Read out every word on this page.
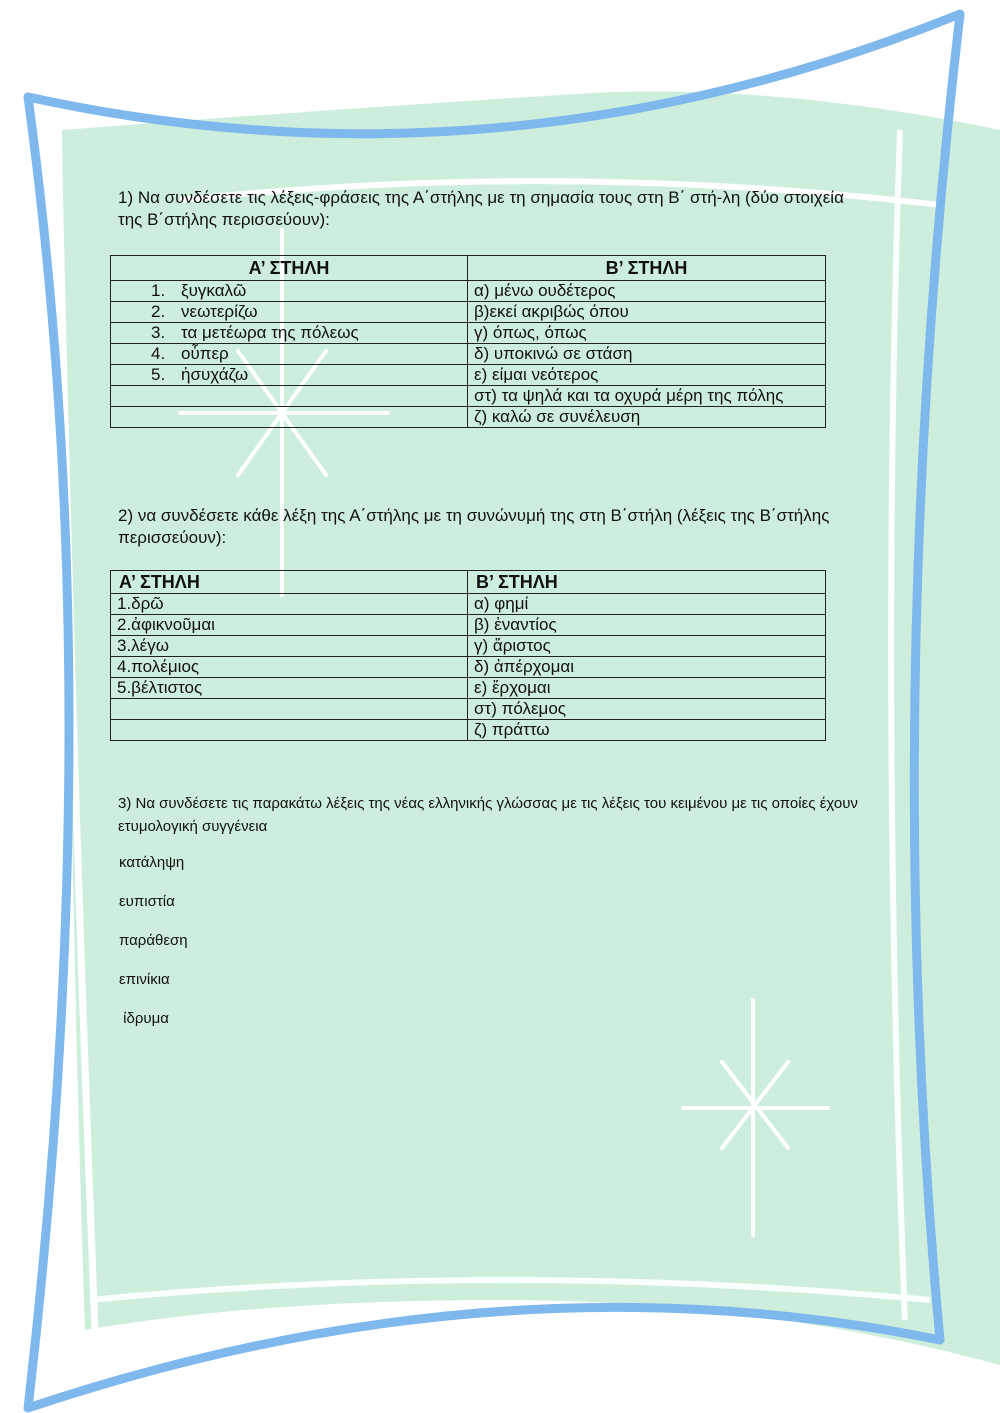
1) Να συνδέσετε τις λέξεις-φράσεις της Α΄στήλης με τη σημασία τους στη Β΄ στή-λη (δύο στοιχεία της Β΄στήλης περισσεύουν):

Α’ ΣΤΗΛΗ	Β’ ΣΤΗΛΗ
1. ξυγκαλῶ	α) μένω ουδέτερος
2. νεωτερίζω	β)εκεί ακριβώς όπου
3. τα μετέωρα της πόλεως	γ) όπως, όπως
4. οὗπερ	δ) υποκινώ σε στάση
5. ἡσυχάζω	ε) είμαι νεότερος
	στ) τα ψηλά και τα οχυρά μέρη της πόλης
	ζ) καλώ σε συνέλευση

2) να συνδέσετε κάθε λέξη της Α΄στήλης με τη συνώνυμή της στη Β΄στήλη (λέξεις της Β΄στήλης περισσεύουν):

Α’ ΣΤΗΛΗ	Β’ ΣΤΗΛΗ
1.δρῶ	α) φημί
2.ἀφικνοῦμαι	β) ἐναντίος
3.λέγω	γ) ἄριστος
4.πολέμιος	δ) ἀπέρχομαι
5.βέλτιστος	ε) ἔρχομαι
	στ) πόλεμος
	ζ) πράττω

3) Να συνδέσετε τις παρακάτω λέξεις της νέας ελληνικής γλώσσας με τις λέξεις του κειμένου με τις οποίες έχουν ετυμολογική συγγένεια

κατάληψη
ευπιστία
παράθεση
επινίκια
ίδρυμα
